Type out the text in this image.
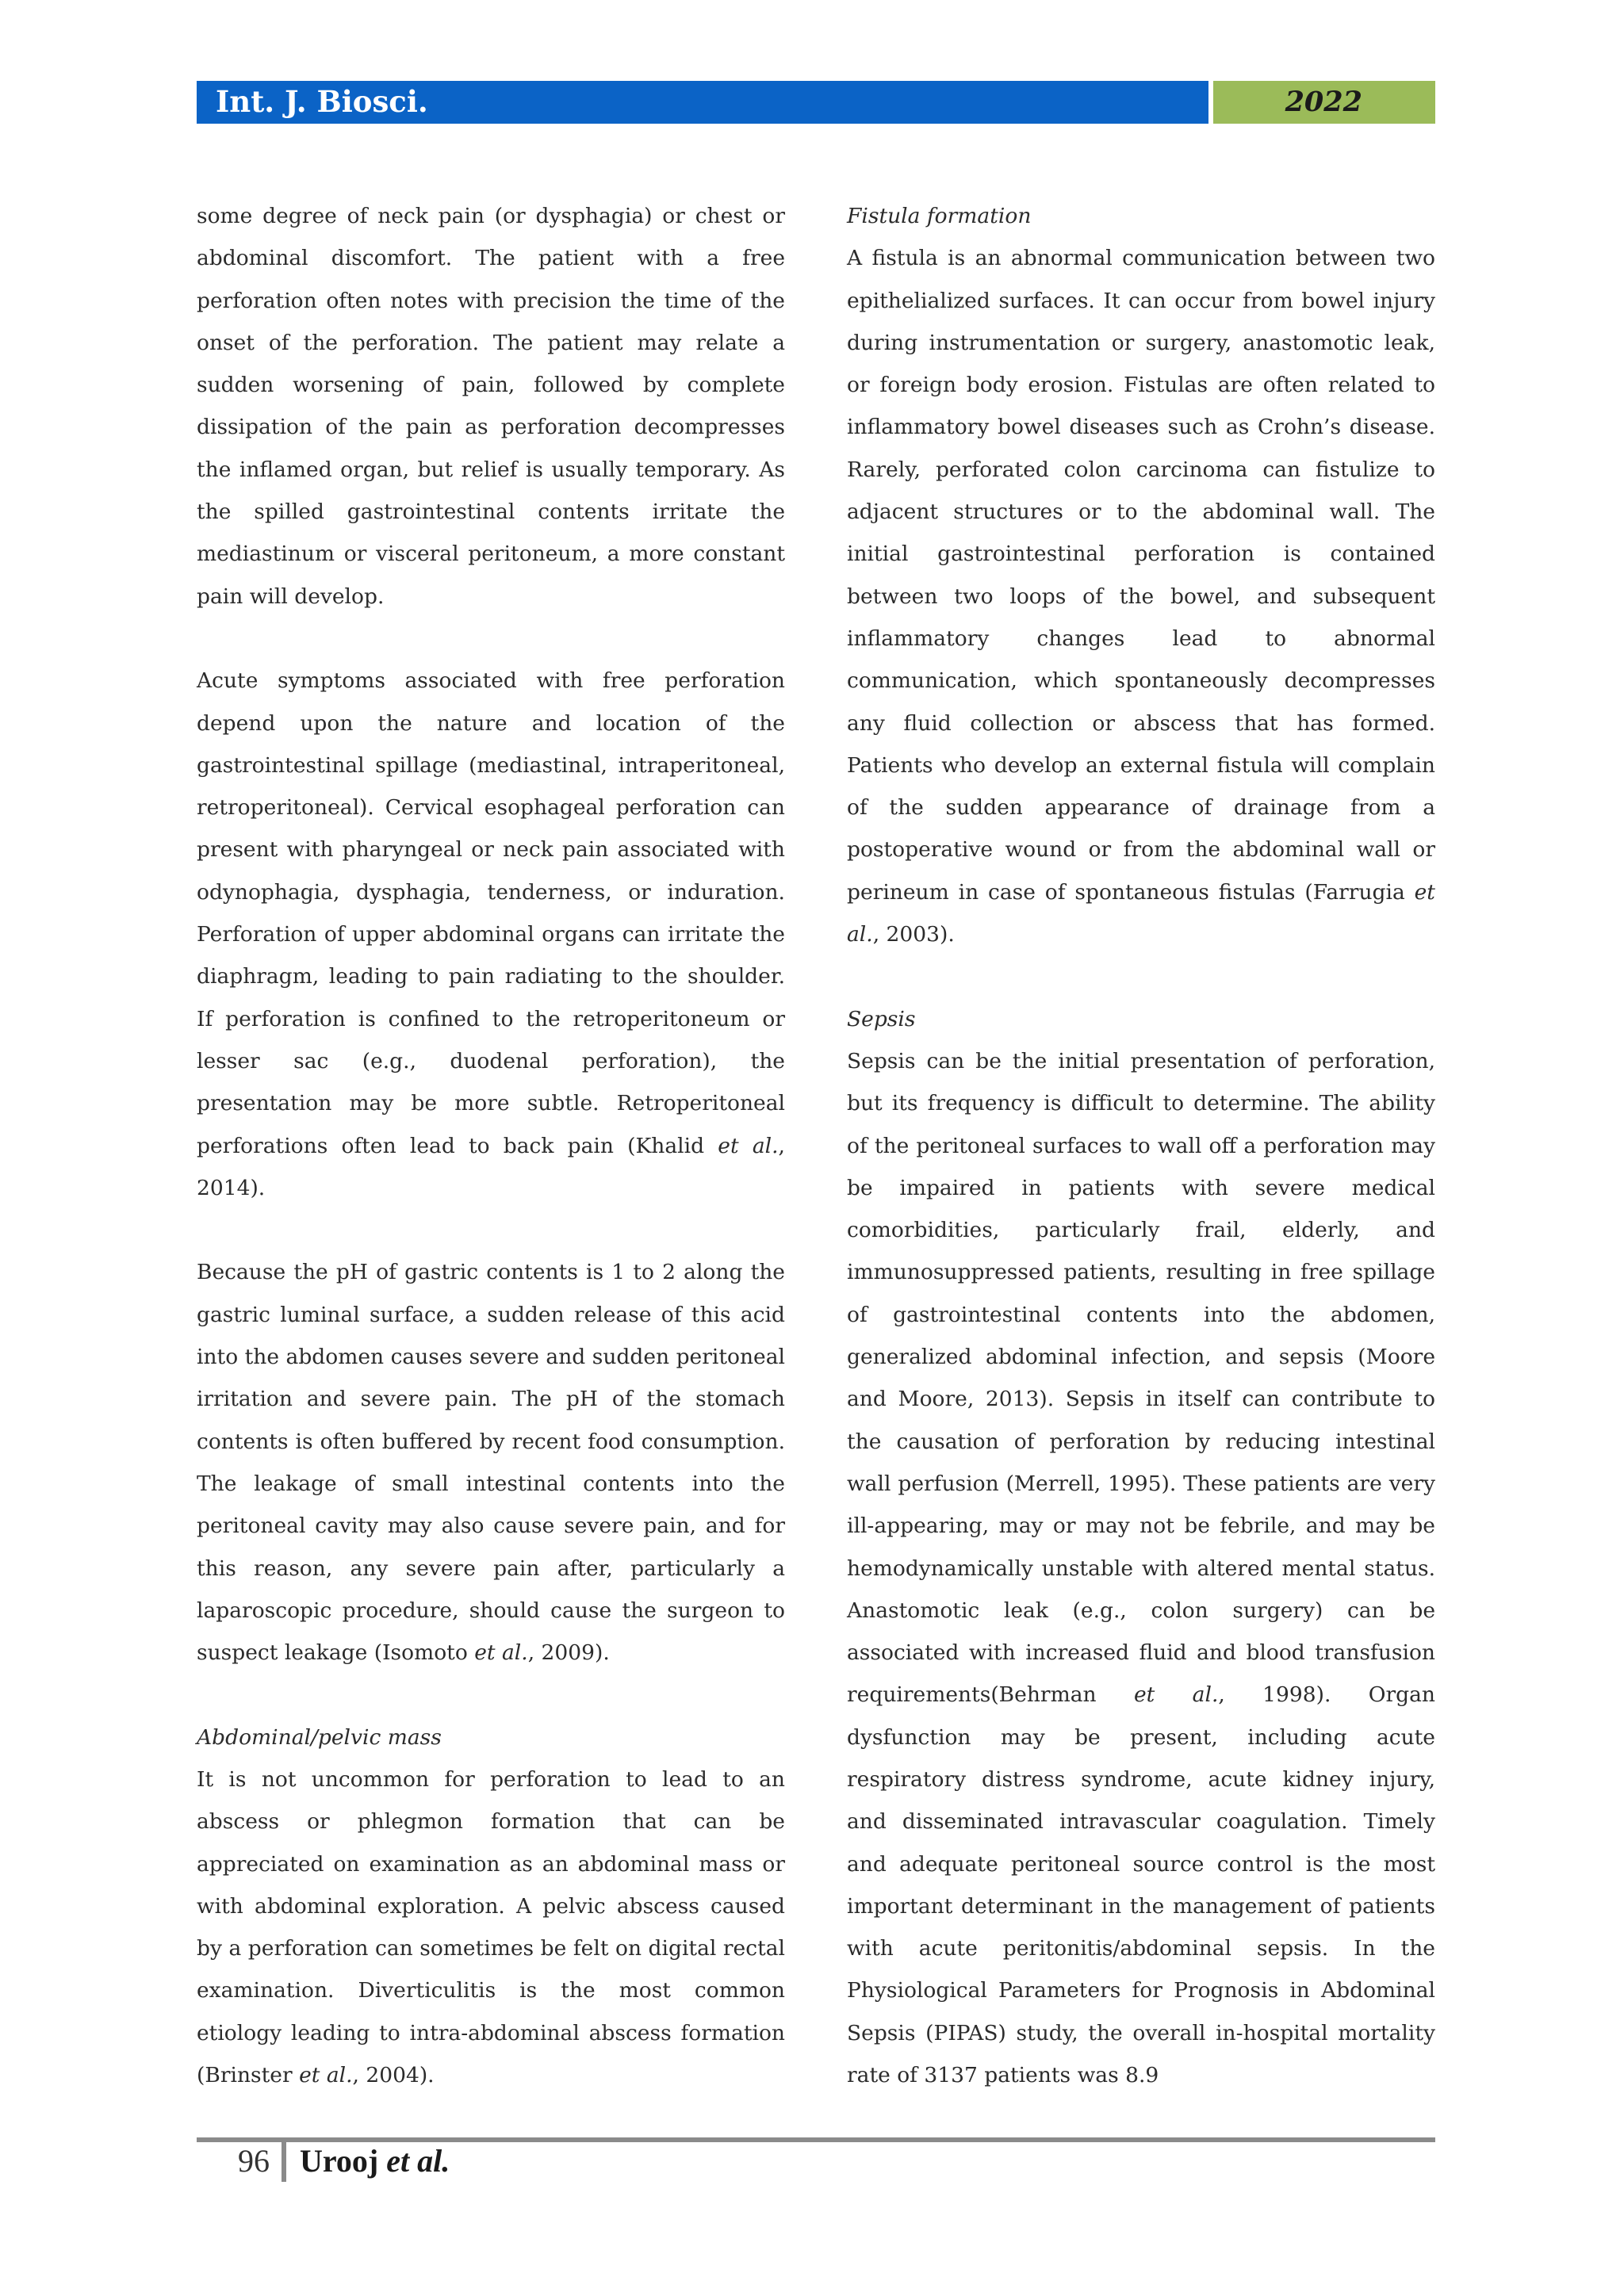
Int. J. Biosci.	2022

some degree of neck pain (or dysphagia) or chest or abdominal discomfort. The patient with a free perforation often notes with precision the time of the onset of the perforation. The patient may relate a sudden worsening of pain, followed by complete dissipation of the pain as perforation decompresses the inflamed organ, but relief is usually temporary. As the spilled gastrointestinal contents irritate the mediastinum or visceral peritoneum, a more constant pain will develop.

Acute symptoms associated with free perforation depend upon the nature and location of the gastrointestinal spillage (mediastinal, intraperitoneal, retroperitoneal). Cervical esophageal perforation can present with pharyngeal or neck pain associated with odynophagia, dysphagia, tenderness, or induration. Perforation of upper abdominal organs can irritate the diaphragm, leading to pain radiating to the shoulder. If perforation is confined to the retroperitoneum or lesser sac (e.g., duodenal perforation), the presentation may be more subtle. Retroperitoneal perforations often lead to back pain (Khalid et al., 2014).

Because the pH of gastric contents is 1 to 2 along the gastric luminal surface, a sudden release of this acid into the abdomen causes severe and sudden peritoneal irritation and severe pain. The pH of the stomach contents is often buffered by recent food consumption. The leakage of small intestinal contents into the peritoneal cavity may also cause severe pain, and for this reason, any severe pain after, particularly a laparoscopic procedure, should cause the surgeon to suspect leakage (Isomoto et al., 2009).

Abdominal/pelvic mass

It is not uncommon for perforation to lead to an abscess or phlegmon formation that can be appreciated on examination as an abdominal mass or with abdominal exploration. A pelvic abscess caused by a perforation can sometimes be felt on digital rectal examination. Diverticulitis is the most common etiology leading to intra-abdominal abscess formation (Brinster et al., 2004).

Fistula formation

A fistula is an abnormal communication between two epithelialized surfaces. It can occur from bowel injury during instrumentation or surgery, anastomotic leak, or foreign body erosion. Fistulas are often related to inflammatory bowel diseases such as Crohn’s disease. Rarely, perforated colon carcinoma can fistulize to adjacent structures or to the abdominal wall. The initial gastrointestinal perforation is contained between two loops of the bowel, and subsequent inflammatory changes lead to abnormal communication, which spontaneously decompresses any fluid collection or abscess that has formed. Patients who develop an external fistula will complain of the sudden appearance of drainage from a postoperative wound or from the abdominal wall or perineum in case of spontaneous fistulas (Farrugia et al., 2003).

Sepsis

Sepsis can be the initial presentation of perforation, but its frequency is difficult to determine. The ability of the peritoneal surfaces to wall off a perforation may be impaired in patients with severe medical comorbidities, particularly frail, elderly, and immunosuppressed patients, resulting in free spillage of gastrointestinal contents into the abdomen, generalized abdominal infection, and sepsis (Moore and Moore, 2013). Sepsis in itself can contribute to the causation of perforation by reducing intestinal wall perfusion (Merrell, 1995). These patients are very ill-appearing, may or may not be febrile, and may be hemodynamically unstable with altered mental status. Anastomotic leak (e.g., colon surgery) can be associated with increased fluid and blood transfusion requirements(Behrman et al., 1998). Organ dysfunction may be present, including acute respiratory distress syndrome, acute kidney injury, and disseminated intravascular coagulation. Timely and adequate peritoneal source control is the most important determinant in the management of patients with acute peritonitis/abdominal sepsis. In the Physiological Parameters for Prognosis in Abdominal Sepsis (PIPAS) study, the overall in-hospital mortality rate of 3137 patients was 8.9

96 Urooj et al.
